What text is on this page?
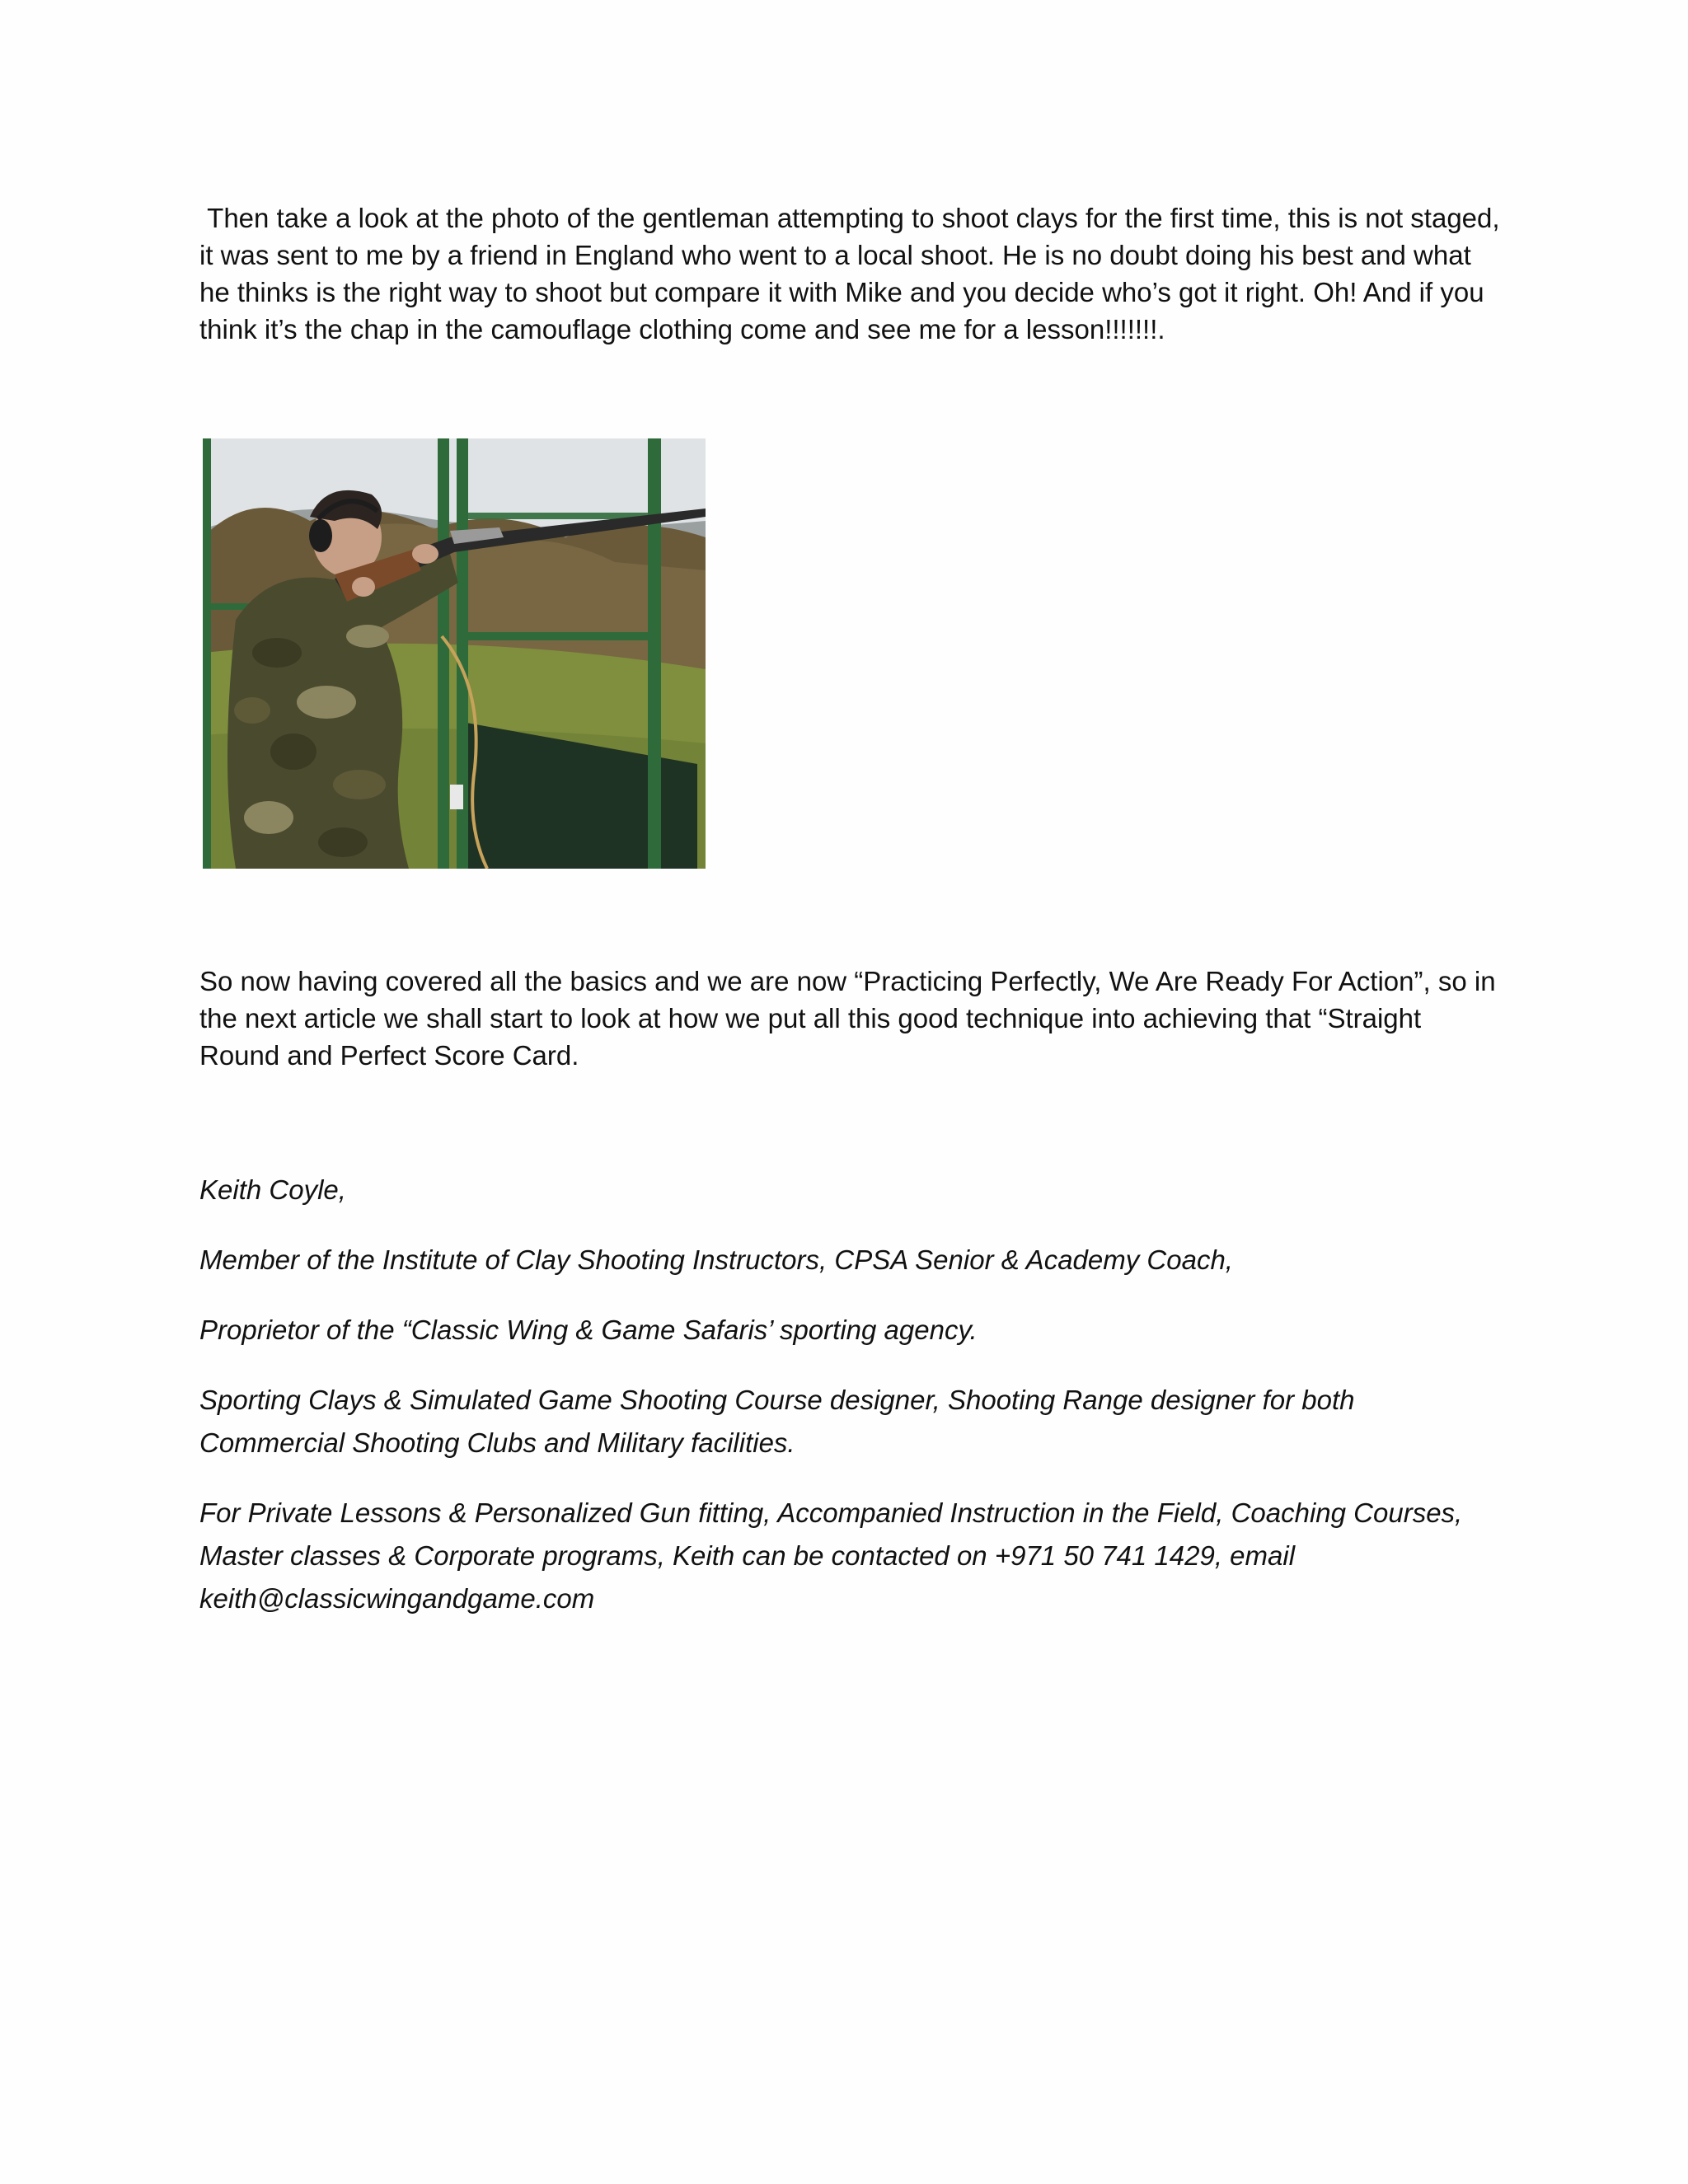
Then take a look at the photo of the gentleman attempting to shoot clays for the first time, this is not staged, it was sent to me by a friend in England who went to a local shoot. He is no doubt doing his best and what he thinks is the right way to shoot but compare it with Mike and you decide who’s got it right. Oh! And if you think it’s the chap in the camouflage clothing come and see me for a lesson!!!!!!!.

So now having covered all the basics and we are now “Practicing Perfectly, We Are Ready For Action”, so in the next article we shall start to look at how we put all this good technique into achieving that “Straight Round and Perfect Score Card.

Keith Coyle,

Member of the Institute of Clay Shooting Instructors, CPSA Senior & Academy Coach,

Proprietor of the “Classic Wing & Game Safaris’ sporting agency.

Sporting Clays & Simulated Game Shooting Course designer, Shooting Range designer for both Commercial Shooting Clubs and Military facilities.

For Private Lessons & Personalized Gun fitting, Accompanied Instruction in the Field, Coaching Courses, Master classes & Corporate programs, Keith can be contacted on +971 50 741 1429, email keith@classicwingandgame.com
